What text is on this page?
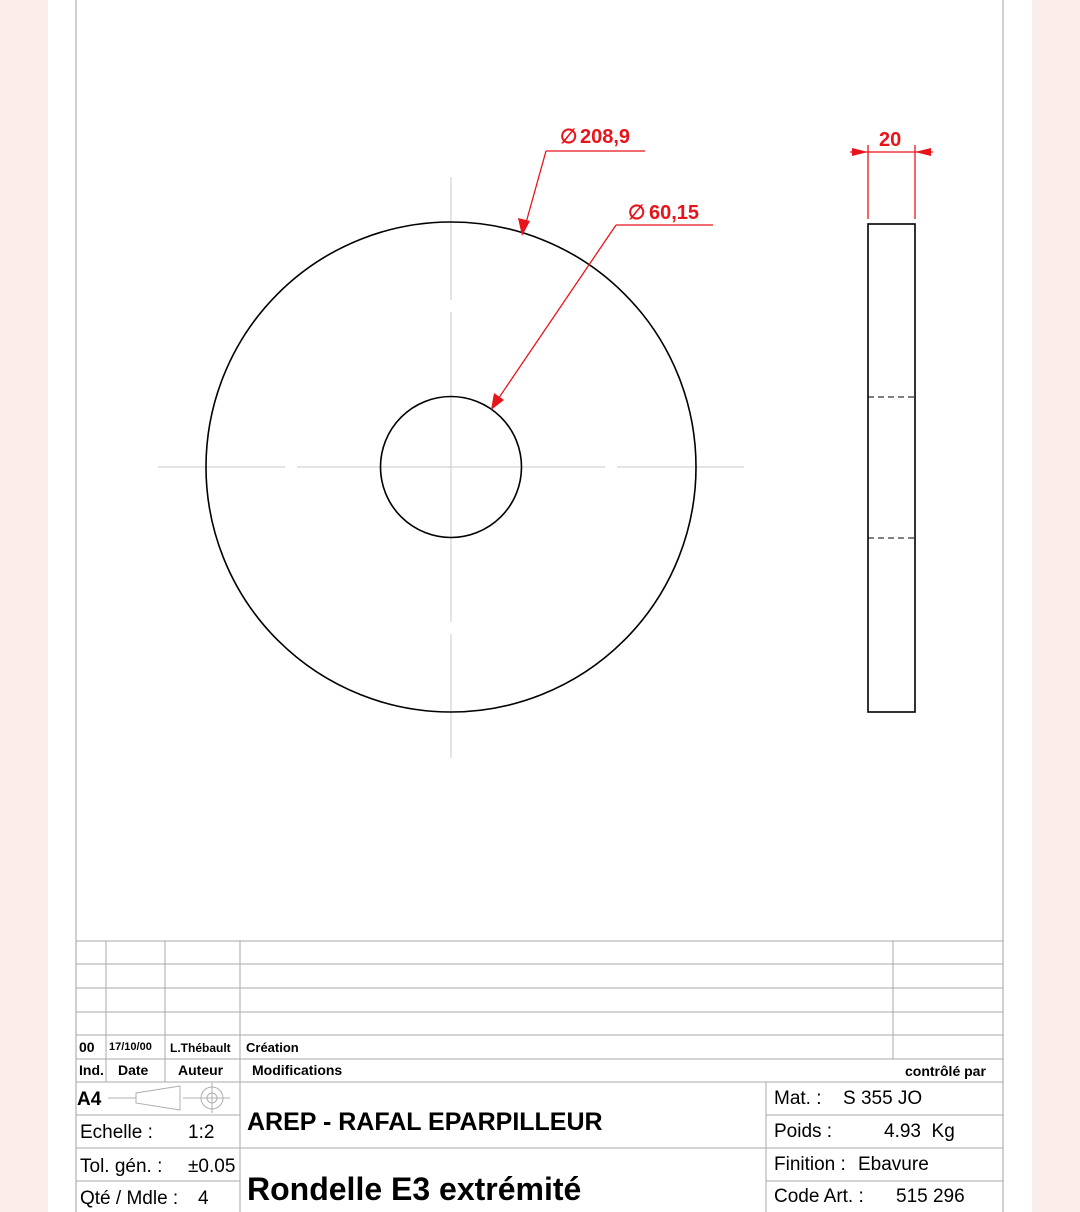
∅ 208,9
∅ 60,15
20
00 17/10/00 L.Thébault Création
Ind. Date Auteur Modifications	contrôlé par
A4
Echelle : 1:2
Tol. gén. : ±0.05
Qté / Mdle : 4
AREP - RAFAL EPARPILLEUR
Rondelle E3 extrémité
Mat. : S 355 JO
Poids :	4.93  Kg
Finition : Ebavure
Code Art. : 515 296
